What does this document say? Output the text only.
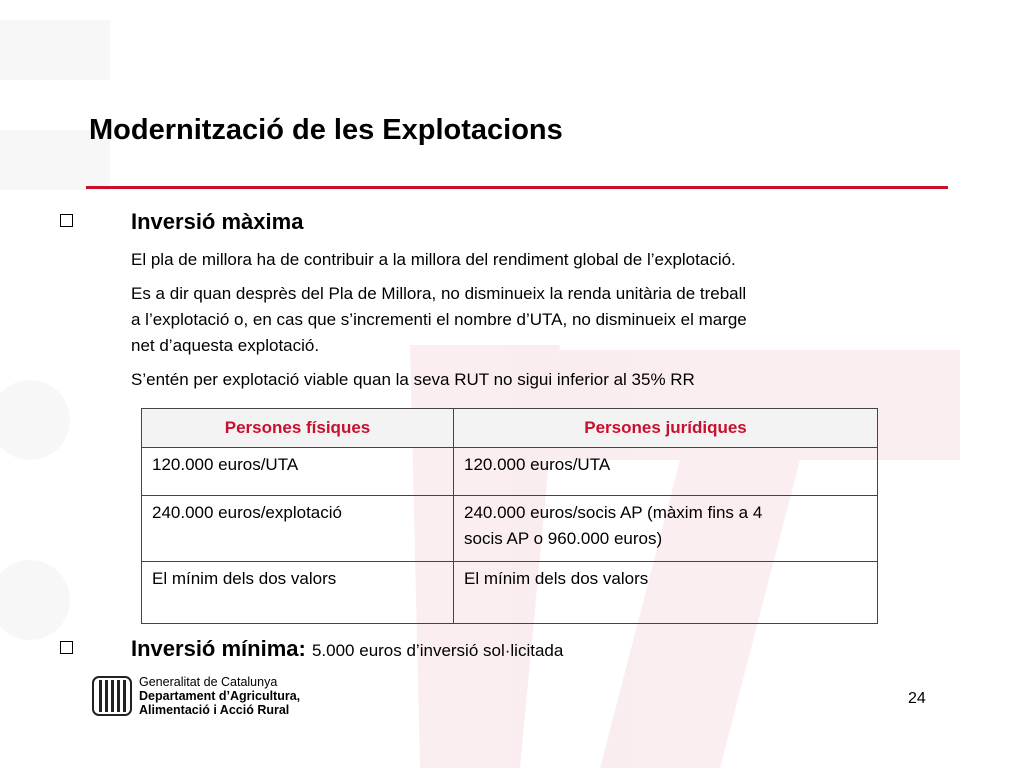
Modernització de les Explotacions
Inversió màxima
El pla de millora ha de contribuir a la millora del rendiment global de l’explotació.
Es a dir quan desprès del Pla de Millora, no disminueix la renda unitària de treball
a l’explotació o, en cas que s’incrementi el nombre d’UTA, no disminueix el marge
net d’aquesta explotació.
S’entén per explotació viable quan la seva RUT no sigui inferior al 35% RR
Persones físiques	Persones jurídiques
120.000 euros/UTA	120.000 euros/UTA
240.000 euros/explotació	240.000 euros/socis AP (màxim fins a 4
socis AP o 960.000 euros)

El mínim dels dos valors	El mínim dels dos valors
Inversió mínima: 5.000 euros d’inversió sol·licitada
Generalitat de Catalunya
Departament d’Agricultura,
Alimentació i Acció Rural
24
